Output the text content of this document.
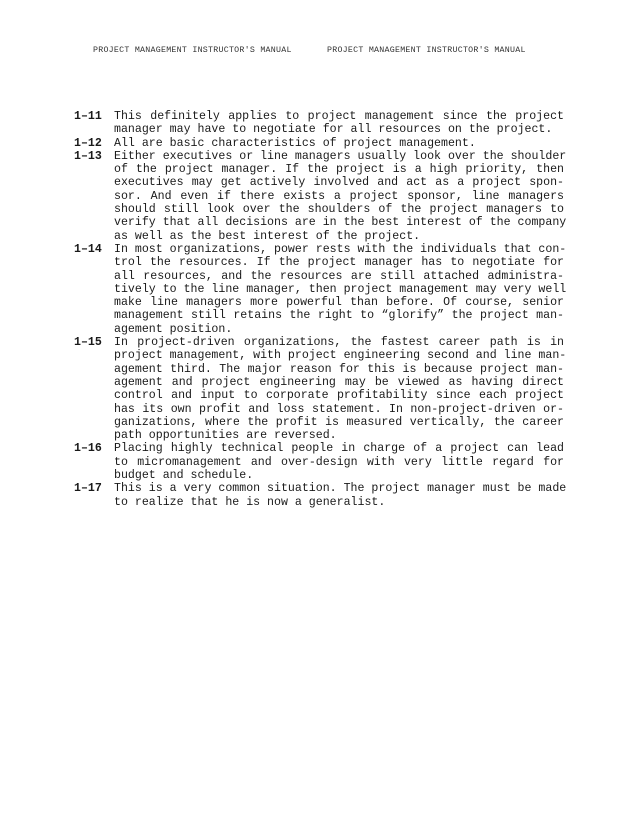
PROJECT MANAGEMENT INSTRUCTOR'S MANUAL	PROJECT MANAGEMENT INSTRUCTOR'S MANUAL
1–11	This definitely applies to project management since the project
manager may have to negotiate for all resources on the project.
1–12	All are basic characteristics of project management.
1–13	Either executives or line managers usually look over the shoulder
of the project manager. If the project is a high priority, then
executives may get actively involved and act as a project spon-
sor. And even if there exists a project sponsor, line managers
should still look over the shoulders of the project managers to
verify that all decisions are in the best interest of the company
as well as the best interest of the project.
1–14	In most organizations, power rests with the individuals that con-
trol the resources. If the project manager has to negotiate for
all resources, and the resources are still attached administra-
tively to the line manager, then project management may very well
make line managers more powerful than before. Of course, senior
management still retains the right to “glorify” the project man-
agement position.
1–15	In project-driven organizations, the fastest career path is in
project management, with project engineering second and line man-
agement third. The major reason for this is because project man-
agement and project engineering may be viewed as having direct
control and input to corporate profitability since each project
has its own profit and loss statement. In non-project-driven or-
ganizations, where the profit is measured vertically, the career
path opportunities are reversed.
1–16	Placing highly technical people in charge of a project can lead
to micromanagement and over-design with very little regard for
budget and schedule.
1–17	This is a very common situation. The project manager must be made
to realize that he is now a generalist.
